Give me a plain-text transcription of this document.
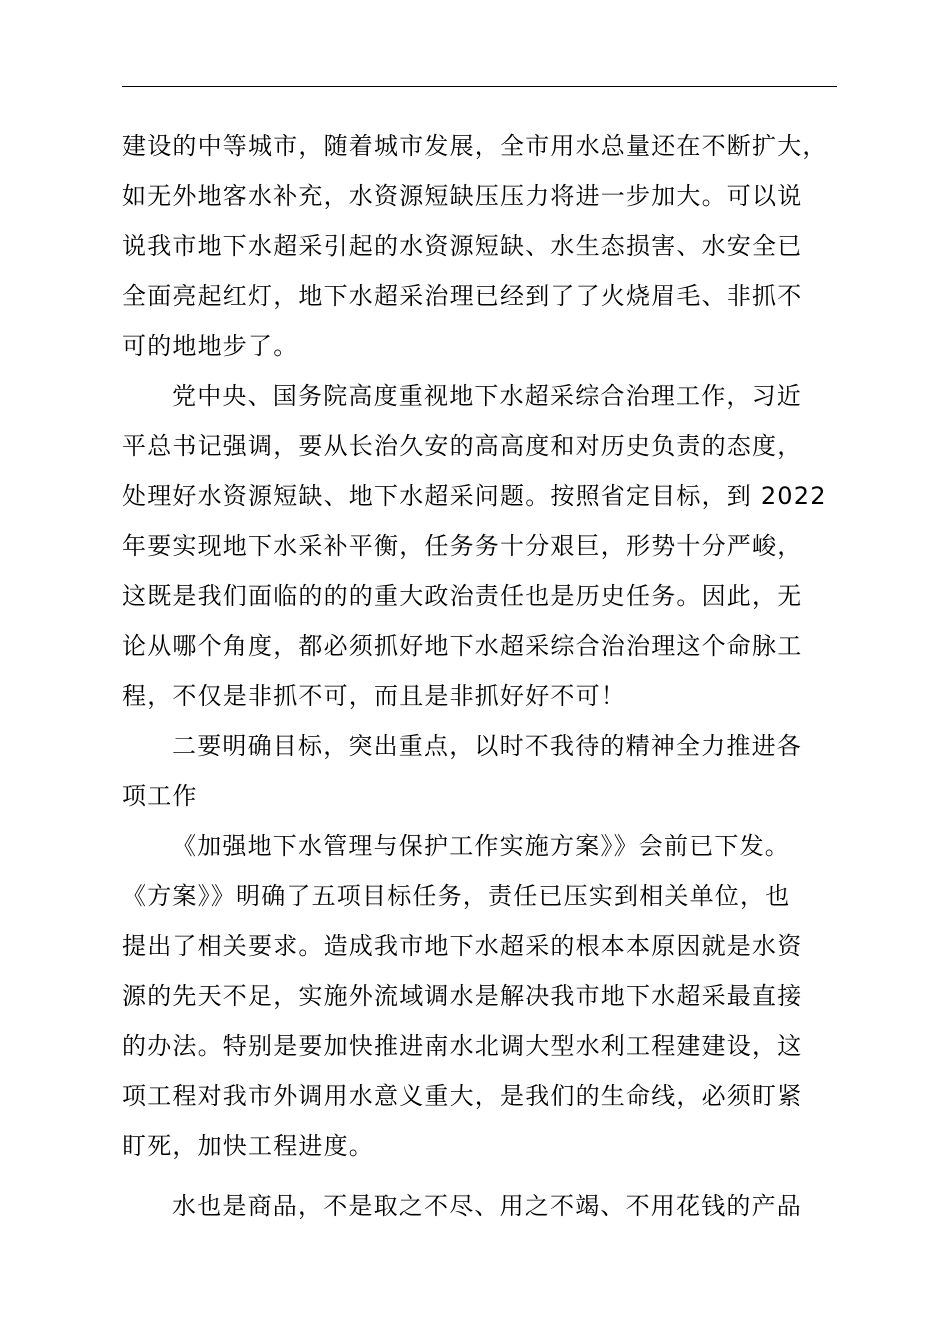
建设的中等城市，随着城市发展，全市用水总量还在不断扩大，
如无外地客水补充，水资源短缺压压力将进一步加大。可以说
说我市地下水超采引起的水资源短缺、水生态损害、水安全已
全面亮起红灯，地下水超采治理已经到了了火烧眉毛、非抓不
可的地地步了。
党中央、国务院高度重视地下水超采综合治理工作，习近
平总书记强调，要从长治久安的高高度和对历史负责的态度，
处理好水资源短缺、地下水超采问题。按照省定目标，到 2022
年要实现地下水采补平衡，任务务十分艰巨，形势十分严峻，
这既是我们面临的的的重大政治责任也是历史任务。因此，无
论从哪个角度，都必须抓好地下水超采综合治治理这个命脉工
程，不仅是非抓不可，而且是非抓好好不可！
二要明确目标，突出重点，以时不我待的精神全力推进各
项工作
《加强地下水管理与保护工作实施方案》》会前已下发。
《方案》》明确了五项目标任务，责任已压实到相关单位，也
提出了相关要求。造成我市地下水超采的根本本原因就是水资
源的先天不足，实施外流域调水是解决我市地下水超采最直接
的办法。特别是要加快推进南水北调大型水利工程建建设，这
项工程对我市外调用水意义重大，是我们的生命线，必须盯紧
盯死，加快工程进度。
水也是商品，不是取之不尽、用之不竭、不用花钱的产品
